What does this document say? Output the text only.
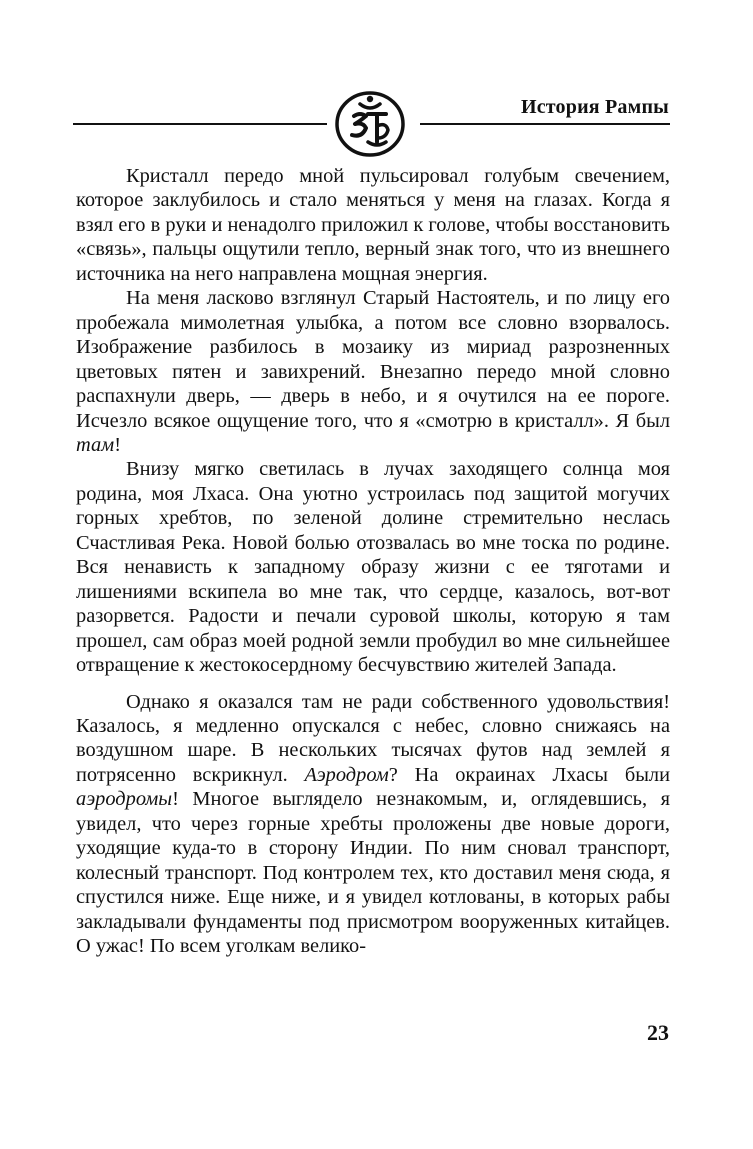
История Рампы

Кристалл передо мной пульсировал голубым свечением, которое заклубилось и стало меняться у меня на глазах. Когда я взял его в руки и ненадолго приложил к голове, чтобы восстановить «связь», пальцы ощутили тепло, верный знак того, что из внешнего источника на него направлена мощная энергия.

На меня ласково взглянул Старый Настоятель, и по лицу его пробежала мимолетная улыбка, а потом все словно взорвалось. Изображение разбилось в мозаику из мириад разрозненных цветовых пятен и завихрений. Внезапно передо мной словно распахнули дверь, — дверь в небо, и я очутился на ее пороге. Исчезло всякое ощущение того, что я «смотрю в кристалл». Я был там!

Внизу мягко светилась в лучах заходящего солнца моя родина, моя Лхаса. Она уютно устроилась под защитой могучих горных хребтов, по зеленой долине стремительно неслась Счастливая Река. Новой болью отозвалась во мне тоска по родине. Вся ненависть к западному образу жизни с ее тяготами и лишениями вскипела во мне так, что сердце, казалось, вот-вот разорвется. Радости и печали суровой школы, которую я там прошел, сам образ моей родной земли пробудил во мне сильнейшее отвращение к жестокосердному бесчувствию жителей Запада.

Однако я оказался там не ради собственного удовольствия! Казалось, я медленно опускался с небес, словно снижаясь на воздушном шаре. В нескольких тысячах футов над землей я потрясенно вскрикнул. Аэродром? На окраинах Лхасы были аэродромы! Многое выглядело незнакомым, и, оглядевшись, я увидел, что через горные хребты проложены две новые дороги, уходящие куда-то в сторону Индии. По ним сновал транспорт, колесный транспорт. Под контролем тех, кто доставил меня сюда, я спустился ниже. Еще ниже, и я увидел котлованы, в которых рабы закладывали фундаменты под присмотром вооруженных китайцев. О ужас! По всем уголкам велико-

23
